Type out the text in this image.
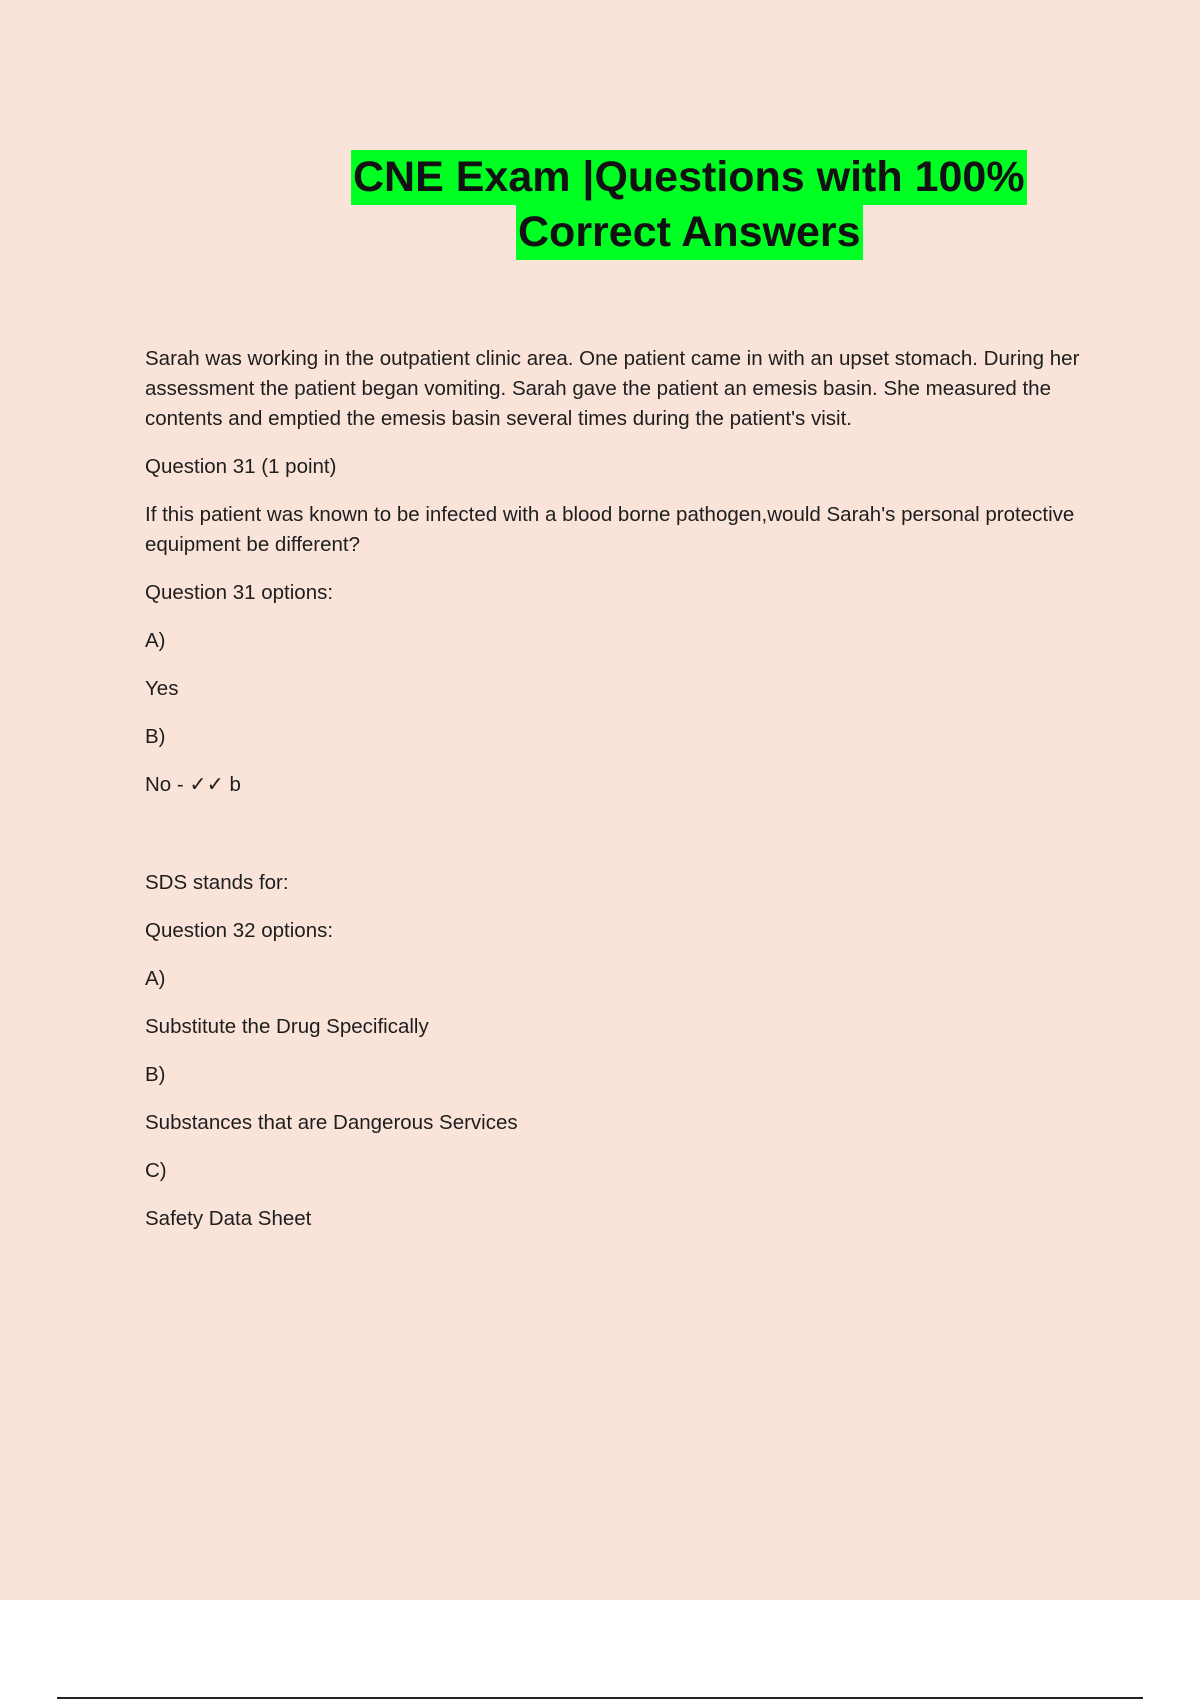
CNE Exam |Questions with 100%
Correct Answers

Sarah was working in the outpatient clinic area. One patient came in with an upset stomach. During her assessment the patient began vomiting. Sarah gave the patient an emesis basin. She measured the contents and emptied the emesis basin several times during the patient's visit.

Question 31 (1 point)

If this patient was known to be infected with a blood borne pathogen,would Sarah's personal protective equipment be different?

Question 31 options:

A)

Yes

B)

No - ✓✓ b

SDS stands for:

Question 32 options:

A)

Substitute the Drug Specifically

B)

Substances that are Dangerous Services

C)

Safety Data Sheet
